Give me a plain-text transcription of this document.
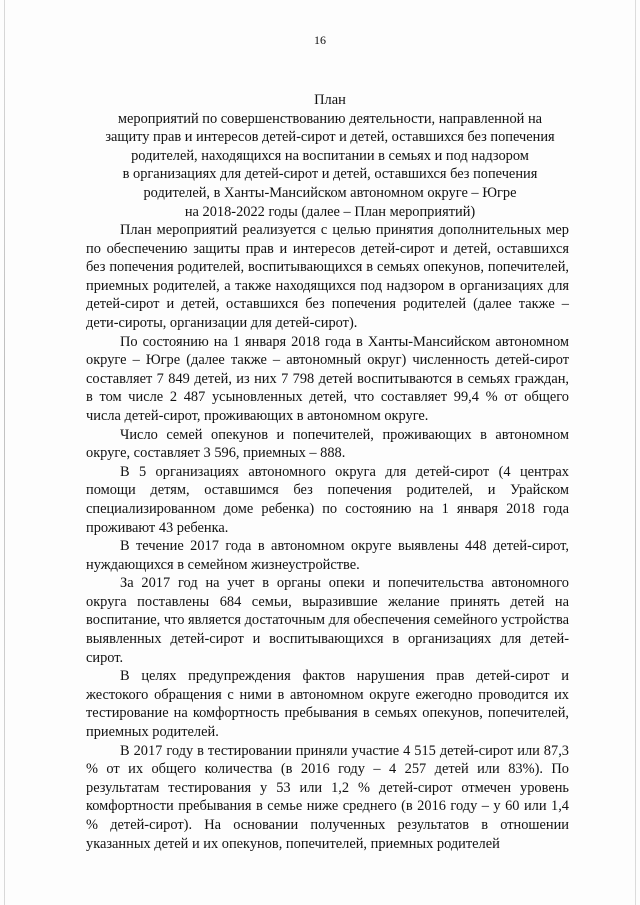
16
План
мероприятий по совершенствованию деятельности, направленной на
защиту прав и интересов детей-сирот и детей, оставшихся без попечения
родителей, находящихся на воспитании в семьях и под надзором
в организациях для детей-сирот и детей, оставшихся без попечения
родителей, в Ханты-Мансийском автономном округе – Югре
на 2018-2022 годы (далее – План мероприятий)

План мероприятий реализуется с целью принятия дополнительных мер по обеспечению защиты прав и интересов детей-сирот и детей, оставшихся без попечения родителей, воспитывающихся в семьях опекунов, попечителей, приемных родителей, а также находящихся под надзором в организациях для детей-сирот и детей, оставшихся без попечения родителей (далее также – дети-сироты, организации для детей-сирот).

По состоянию на 1 января 2018 года в Ханты-Мансийском автономном округе – Югре (далее также – автономный округ) численность детей-сирот составляет 7 849 детей, из них 7 798 детей воспитываются в семьях граждан, в том числе 2 487 усыновленных детей, что составляет 99,4 % от общего числа детей-сирот, проживающих в автономном округе.

Число семей опекунов и попечителей, проживающих в автономном округе, составляет 3 596, приемных – 888.

В 5 организациях автономного округа для детей-сирот (4 центрах помощи детям, оставшимся без попечения родителей, и Урайском специализированном доме ребенка) по состоянию на 1 января 2018 года проживают 43 ребенка.

В течение 2017 года в автономном округе выявлены 448 детей-сирот, нуждающихся в семейном жизнеустройстве.

За 2017 год на учет в органы опеки и попечительства автономного округа поставлены 684 семьи, выразившие желание принять детей на воспитание, что является достаточным для обеспечения семейного устройства выявленных детей-сирот и воспитывающихся в организациях для детей-сирот.

В целях предупреждения фактов нарушения прав детей-сирот и жестокого обращения с ними в автономном округе ежегодно проводится их тестирование на комфортность пребывания в семьях опекунов, попечителей, приемных родителей.

В 2017 году в тестировании приняли участие 4 515 детей-сирот или 87,3 % от их общего количества (в 2016 году – 4 257 детей или 83%). По результатам тестирования у 53 или 1,2 % детей-сирот отмечен уровень комфортности пребывания в семье ниже среднего (в 2016 году – у 60 или 1,4 % детей-сирот). На основании полученных результатов в отношении указанных детей и их опекунов, попечителей, приемных родителей
